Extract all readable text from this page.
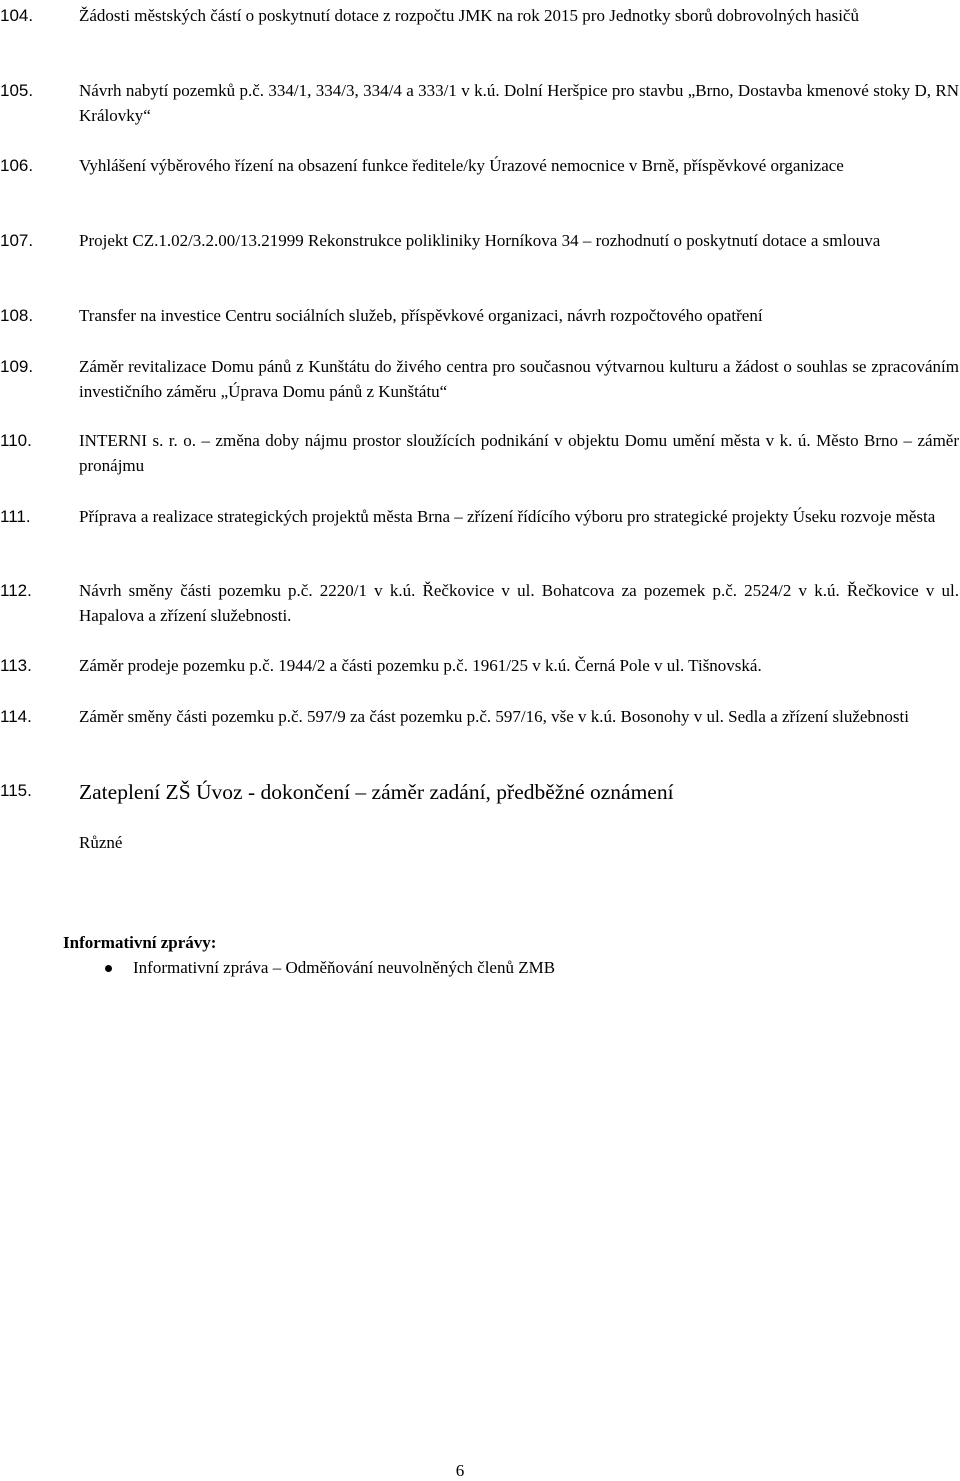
104.	Žádosti městských částí o poskytnutí dotace z rozpočtu JMK na rok 2015 pro Jednotky sborů dobrovolných hasičů
105.	Návrh nabytí pozemků p.č. 334/1, 334/3, 334/4 a 333/1 v k.ú. Dolní Heršpice pro stavbu „Brno, Dostavba kmenové stoky D, RN Královky“
106.	Vyhlášení výběrového řízení na obsazení funkce ředitele/ky Úrazové nemocnice v Brně, příspěvkové organizace
107.	Projekt CZ.1.02/3.2.00/13.21999 Rekonstrukce polikliniky Horníkova 34 – rozhodnutí o poskytnutí dotace a smlouva
108.	Transfer na investice Centru sociálních služeb, příspěvkové organizaci, návrh rozpočtového opatření
109.	Záměr revitalizace Domu pánů z Kunštátu do živého centra pro současnou výtvarnou kulturu a žádost o souhlas se zpracováním investičního záměru „Úprava Domu pánů z Kunštátu“
110.	INTERNI s. r. o. – změna doby nájmu prostor sloužících podnikání v objektu Domu umění města v k. ú. Město Brno – záměr pronájmu
111.	Příprava a realizace strategických projektů města Brna – zřízení řídícího výboru pro strategické projekty Úseku rozvoje města
112.	Návrh směny části pozemku p.č. 2220/1 v k.ú. Řečkovice v ul. Bohatcova za pozemek p.č. 2524/2 v k.ú. Řečkovice v ul. Hapalova a zřízení služebnosti.
113.	Záměr prodeje pozemku p.č. 1944/2 a části pozemku p.č. 1961/25 v k.ú. Černá Pole v ul. Tišnovská.
114.	Záměr směny části pozemku p.č. 597/9 za část pozemku p.č. 597/16, vše v k.ú. Bosonohy v ul. Sedla a zřízení služebnosti
115. Zateplení ZŠ Úvoz - dokončení – záměr zadání, předběžné oznámení
Různé
Informativní zprávy:
Informativní zpráva – Odměňování neuvolněných členů ZMB
6
